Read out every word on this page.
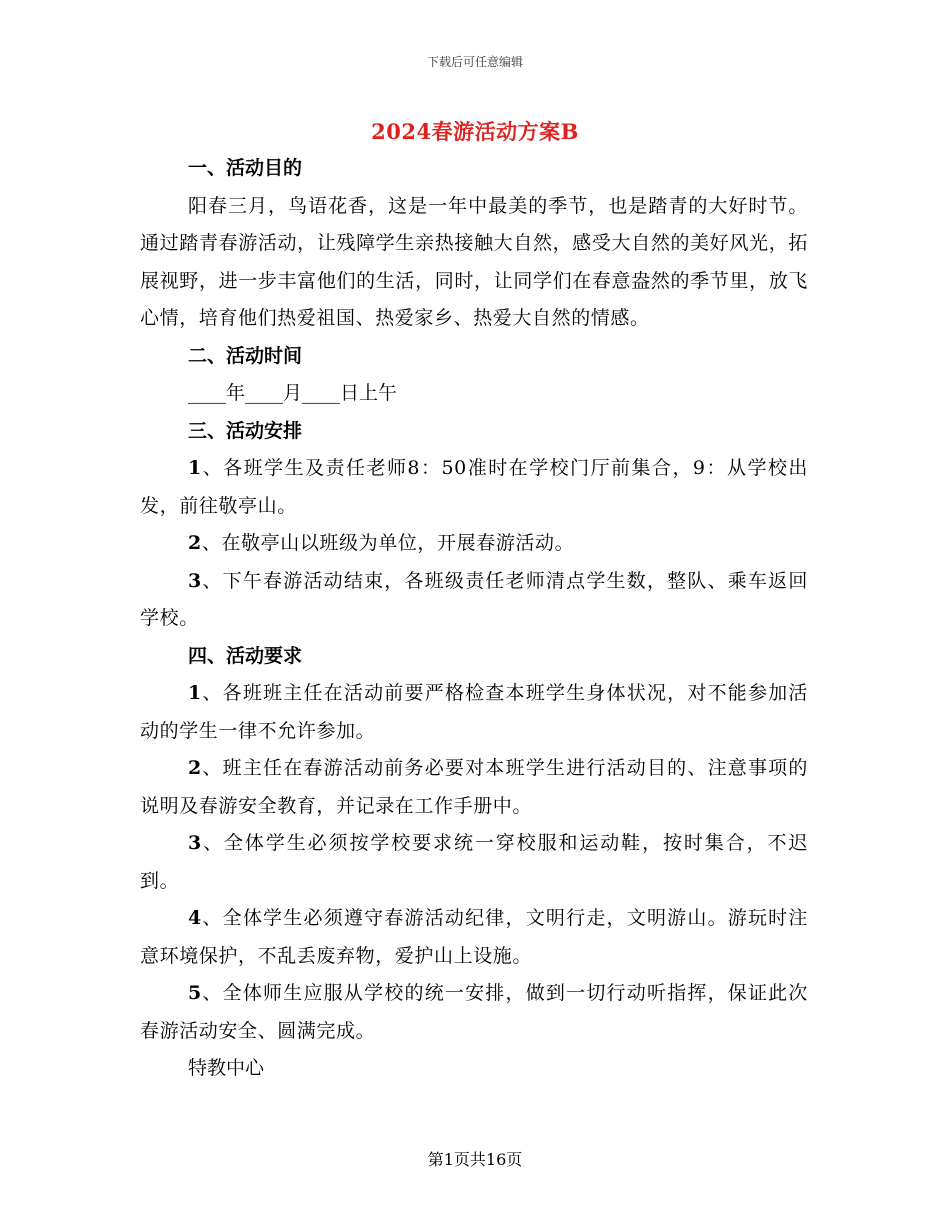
下载后可任意编辑
2024春游活动方案B

一、活动目的

阳春三月，鸟语花香，这是一年中最美的季节，也是踏青的大好时节。通过踏青春游活动，让残障学生亲热接触大自然，感受大自然的美好风光，拓展视野，进一步丰富他们的生活，同时，让同学们在春意盎然的季节里，放飞心情，培育他们热爱祖国、热爱家乡、热爱大自然的情感。

二、活动时间

____年____月____日上午

三、活动安排

1、各班学生及责任老师8：50准时在学校门厅前集合，9：从学校出发，前往敬亭山。

2、在敬亭山以班级为单位，开展春游活动。

3、下午春游活动结束，各班级责任老师清点学生数，整队、乘车返回学校。

四、活动要求

1、各班班主任在活动前要严格检查本班学生身体状况，对不能参加活动的学生一律不允许参加。

2、班主任在春游活动前务必要对本班学生进行活动目的、注意事项的说明及春游安全教育，并记录在工作手册中。

3、全体学生必须按学校要求统一穿校服和运动鞋，按时集合，不迟到。

4、全体学生必须遵守春游活动纪律，文明行走，文明游山。游玩时注意环境保护，不乱丢废弃物，爱护山上设施。

5、全体师生应服从学校的统一安排，做到一切行动听指挥，保证此次春游活动安全、圆满完成。

特教中心

第1页共16页
